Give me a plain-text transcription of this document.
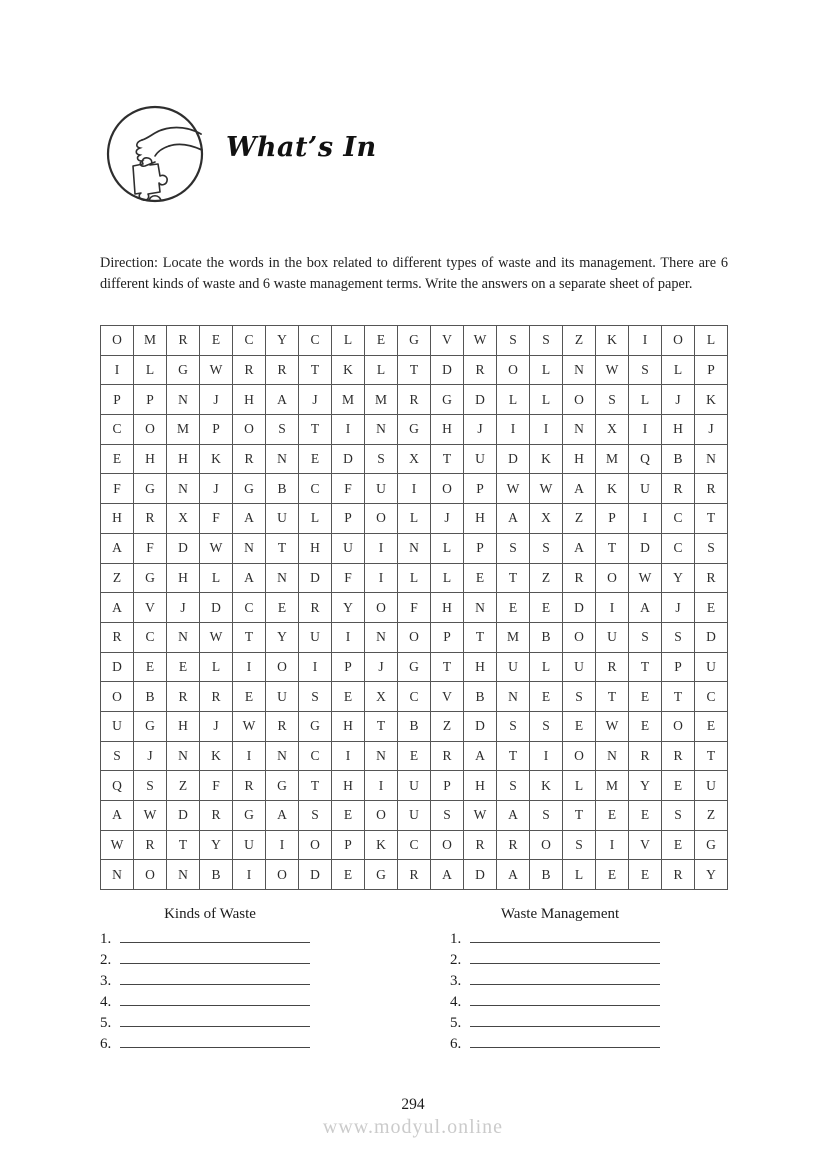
What’s In

Direction: Locate the words in the box related to different types of waste and its management. There are 6 different kinds of waste and 6 waste management terms. Write the answers on a separate sheet of paper.

O	M	R	E	C	Y	C	L	E	G	V	W	S	S	Z	K	I	O	L
I	L	G	W	R	R	T	K	L	T	D	R	O	L	N	W	S	L	P
P	P	N	J	H	A	J	M	M	R	G	D	L	L	O	S	L	J	K
C	O	M	P	O	S	T	I	N	G	H	J	I	I	N	X	I	H	J
E	H	H	K	R	N	E	D	S	X	T	U	D	K	H	M	Q	B	N
F	G	N	J	G	B	C	F	U	I	O	P	W	W	A	K	U	R	R
H	R	X	F	A	U	L	P	O	L	J	H	A	X	Z	P	I	C	T
A	F	D	W	N	T	H	U	I	N	L	P	S	S	A	T	D	C	S
Z	G	H	L	A	N	D	F	I	L	L	E	T	Z	R	O	W	Y	R
A	V	J	D	C	E	R	Y	O	F	H	N	E	E	D	I	A	J	E
R	C	N	W	T	Y	U	I	N	O	P	T	M	B	O	U	S	S	D
D	E	E	L	I	O	I	P	J	G	T	H	U	L	U	R	T	P	U
O	B	R	R	E	U	S	E	X	C	V	B	N	E	S	T	E	T	C
U	G	H	J	W	R	G	H	T	B	Z	D	S	S	E	W	E	O	E
S	J	N	K	I	N	C	I	N	E	R	A	T	I	O	N	R	R	T
Q	S	Z	F	R	G	T	H	I	U	P	H	S	K	L	M	Y	E	U
A	W	D	R	G	A	S	E	O	U	S	W	A	S	T	E	E	S	Z
W	R	T	Y	U	I	O	P	K	C	O	R	R	O	S	I	V	E	G
N	O	N	B	I	O	D	E	G	R	A	D	A	B	L	E	E	R	Y
Kinds of Waste
1.
2.
3.
4.
5.
6.
Waste Management
1.
2.
3.
4.
5.
6.
294
www.modyul.online
